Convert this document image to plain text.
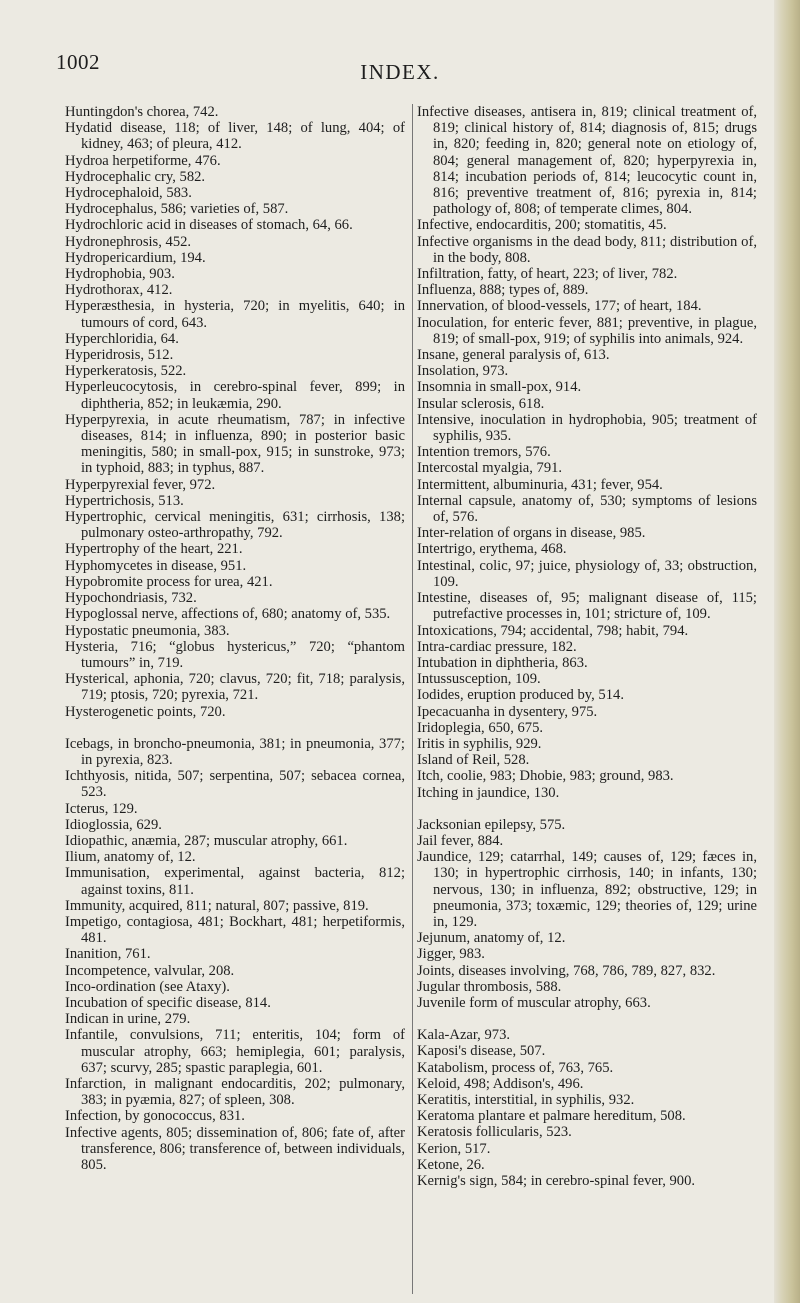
1002	INDEX.
Huntingdon's chorea, 742.
Hydatid disease, 118; of liver, 148; of lung, 404; of kidney, 463; of pleura, 412.
Hydroa herpetiforme, 476.
Hydrocephalic cry, 582.
Hydrocephaloid, 583.
Hydrocephalus, 586; varieties of, 587.
Hydrochloric acid in diseases of stomach, 64, 66.
Hydronephrosis, 452.
Hydropericardium, 194.
Hydrophobia, 903.
Hydrothorax, 412.
Hyperæsthesia, in hysteria, 720; in myelitis, 640; in tumours of cord, 643.
Hyperchloridia, 64.
Hyperidrosis, 512.
Hyperkeratosis, 522.
Hyperleucocytosis, in cerebro-spinal fever, 899; in diphtheria, 852; in leukæmia, 290.
Hyperpyrexia, in acute rheumatism, 787; in infective diseases, 814; in influenza, 890; in posterior basic meningitis, 580; in small-pox, 915; in sunstroke, 973; in typhoid, 883; in typhus, 887.
Hyperpyrexial fever, 972.
Hypertrichosis, 513.
Hypertrophic, cervical meningitis, 631; cirrhosis, 138; pulmonary osteo-arthropathy, 792.
Hypertrophy of the heart, 221.
Hyphomycetes in disease, 951.
Hypobromite process for urea, 421.
Hypochondriasis, 732.
Hypoglossal nerve, affections of, 680; anatomy of, 535.
Hypostatic pneumonia, 383.
Hysteria, 716; “globus hystericus,” 720; “phantom tumours” in, 719.
Hysterical, aphonia, 720; clavus, 720; fit, 718; paralysis, 719; ptosis, 720; pyrexia, 721.
Hysterogenetic points, 720.
Icebags, in broncho-pneumonia, 381; in pneumonia, 377; in pyrexia, 823.
Ichthyosis, nitida, 507; serpentina, 507; sebacea cornea, 523.
Icterus, 129.
Idioglossia, 629.
Idiopathic, anæmia, 287; muscular atrophy, 661.
Ilium, anatomy of, 12.
Immunisation, experimental, against bacteria, 812; against toxins, 811.
Immunity, acquired, 811; natural, 807; passive, 819.
Impetigo, contagiosa, 481; Bockhart, 481; herpetiformis, 481.
Inanition, 761.
Incompetence, valvular, 208.
Inco-ordination (see Ataxy).
Incubation of specific disease, 814.
Indican in urine, 279.
Infantile, convulsions, 711; enteritis, 104; form of muscular atrophy, 663; hemiplegia, 601; paralysis, 637; scurvy, 285; spastic paraplegia, 601.
Infarction, in malignant endocarditis, 202; pulmonary, 383; in pyæmia, 827; of spleen, 308.
Infection, by gonococcus, 831.
Infective agents, 805; dissemination of, 806; fate of, after transference, 806; transference of, between individuals, 805.
Infective diseases, antisera in, 819; clinical treatment of, 819; clinical history of, 814; diagnosis of, 815; drugs in, 820; feeding in, 820; general note on etiology of, 804; general management of, 820; hyperpyrexia in, 814; incubation periods of, 814; leucocytic count in, 816; preventive treatment of, 816; pyrexia in, 814; pathology of, 808; of temperate climes, 804.
Infective, endocarditis, 200; stomatitis, 45.
Infective organisms in the dead body, 811; distribution of, in the body, 808.
Infiltration, fatty, of heart, 223; of liver, 782.
Influenza, 888; types of, 889.
Innervation, of blood-vessels, 177; of heart, 184.
Inoculation, for enteric fever, 881; preventive, in plague, 819; of small-pox, 919; of syphilis into animals, 924.
Insane, general paralysis of, 613.
Insolation, 973.
Insomnia in small-pox, 914.
Insular sclerosis, 618.
Intensive, inoculation in hydrophobia, 905; treatment of syphilis, 935.
Intention tremors, 576.
Intercostal myalgia, 791.
Intermittent, albuminuria, 431; fever, 954.
Internal capsule, anatomy of, 530; symptoms of lesions of, 576.
Inter-relation of organs in disease, 985.
Intertrigo, erythema, 468.
Intestinal, colic, 97; juice, physiology of, 33; obstruction, 109.
Intestine, diseases of, 95; malignant disease of, 115; putrefactive processes in, 101; stricture of, 109.
Intoxications, 794; accidental, 798; habit, 794.
Intra-cardiac pressure, 182.
Intubation in diphtheria, 863.
Intussusception, 109.
Iodides, eruption produced by, 514.
Ipecacuanha in dysentery, 975.
Iridoplegia, 650, 675.
Iritis in syphilis, 929.
Island of Reil, 528.
Itch, coolie, 983; Dhobie, 983; ground, 983.
Itching in jaundice, 130.
Jacksonian epilepsy, 575.
Jail fever, 884.
Jaundice, 129; catarrhal, 149; causes of, 129; fæces in, 130; in hypertrophic cirrhosis, 140; in infants, 130; nervous, 130; in influenza, 892; obstructive, 129; in pneumonia, 373; toxæmic, 129; theories of, 129; urine in, 129.
Jejunum, anatomy of, 12.
Jigger, 983.
Joints, diseases involving, 768, 786, 789, 827, 832.
Jugular thrombosis, 588.
Juvenile form of muscular atrophy, 663.
Kala-Azar, 973.
Kaposi's disease, 507.
Katabolism, process of, 763, 765.
Keloid, 498; Addison's, 496.
Keratitis, interstitial, in syphilis, 932.
Keratoma plantare et palmare hereditum, 508.
Keratosis follicularis, 523.
Kerion, 517.
Ketone, 26.
Kernig's sign, 584; in cerebro-spinal fever, 900.
